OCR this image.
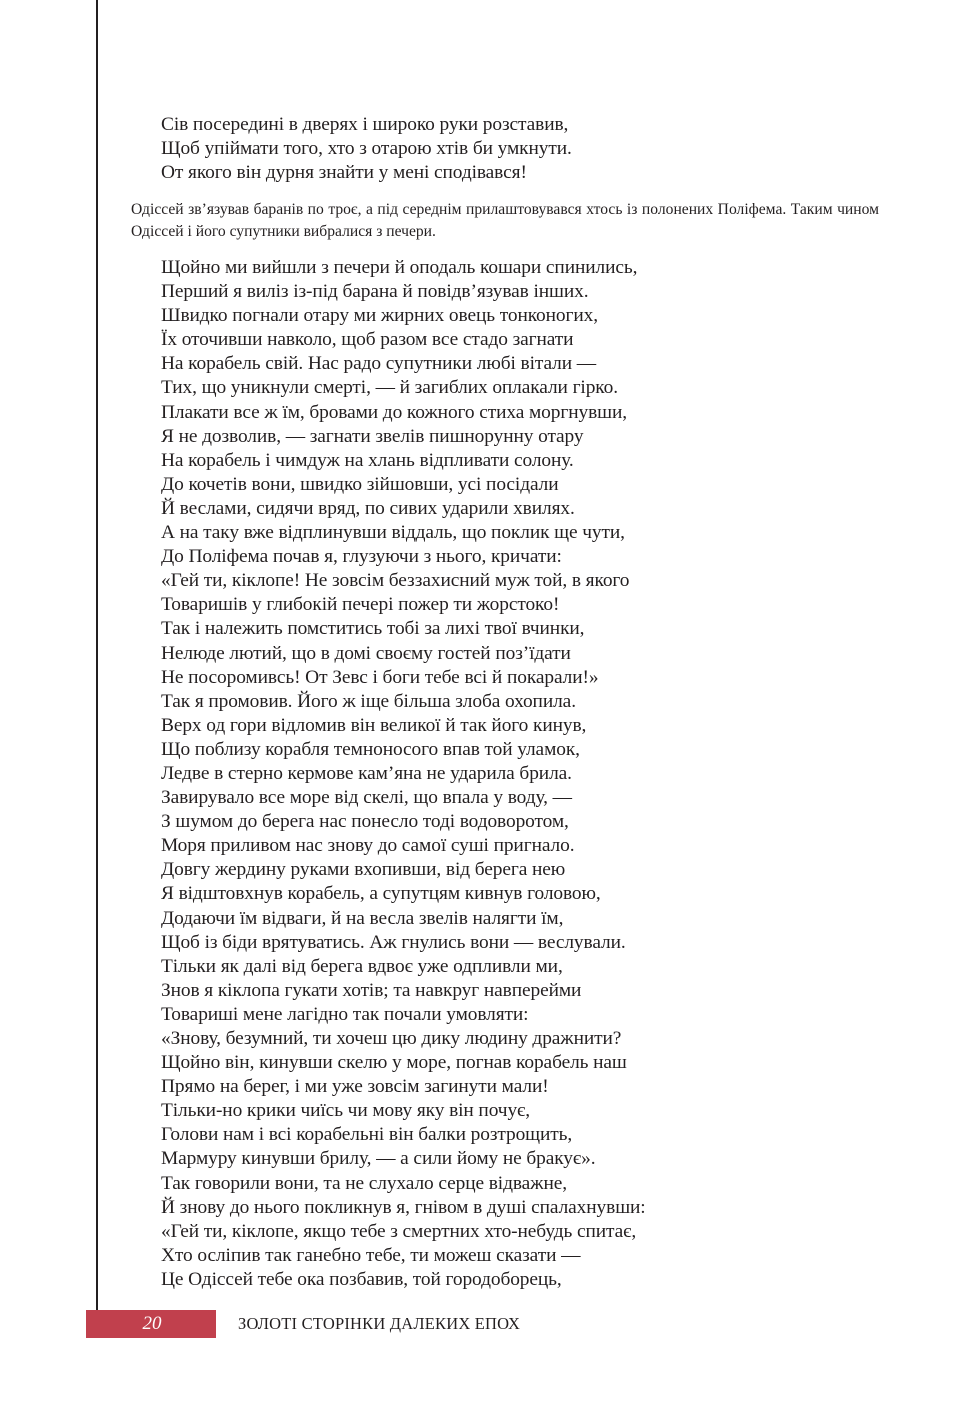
Сів посередині в дверях і широко руки розставив,
Щоб упіймати того, хто з отарою хтів би умкнути.
От якого він дурня знайти у мені сподівався!

Одіссей зв’язував баранів по троє, а під середнім прилаштовувався хтось із полонених Поліфема. Таким чином Одіссей і його супутники вибралися з печери.

Щойно ми вийшли з печери й оподаль кошари спинились,
Перший я виліз із-під барана й повідв’язував інших.
Швидко погнали отару ми жирних овець тонконогих,
Їх оточивши навколо, щоб разом все стадо загнати
На корабель свій. Нас радо супутники любі вітали —
Тих, що уникнули смерті, — й загиблих оплакали гірко.
Плакати все ж їм, бровами до кожного стиха моргнувши,
Я не дозволив, — загнати звелів пишнорунну отару
На корабель і чимдуж на хлань відпливати солону.
До кочетів вони, швидко зійшовши, усі посідали
Й веслами, сидячи вряд, по сивих ударили хвилях.
А на таку вже відплинувши віддаль, що поклик ще чути,
До Поліфема почав я, глузуючи з нього, кричати:
«Гей ти, кіклопе! Не зовсім беззахисний муж той, в якого
Товаришів у глибокій печері пожер ти жорстоко!
Так і належить помститись тобі за лихі твої вчинки,
Нелюде лютий, що в домі своєму гостей поз’їдати
Не посоромивсь! От Зевс і боги тебе всі й покарали!»
Так я промовив. Його ж іще більша злоба охопила.
Верх од гори відломив він великої й так його кинув,
Що поблизу корабля темноносого впав той уламок,
Ледве в стерно кермове кам’яна не ударила брила.
Завирувало все море від скелі, що впала у воду, —
З шумом до берега нас понесло тоді водоворотом,
Моря приливом нас знову до самої суші пригнало.
Довгу жердину руками вхопивши, від берега нею
Я відштовхнув корабель, а супутцям кивнув головою,
Додаючи їм відваги, й на весла звелів налягти їм,
Щоб із біди врятуватись. Аж гнулись вони — веслували.
Тільки як далі від берега вдвоє уже одпливли ми,
Знов я кіклопа гукати хотів; та навкруг навперейми
Товариші мене лагідно так почали умовляти:
«Знову, безумний, ти хочеш цю дику людину дражнити?
Щойно він, кинувши скелю у море, погнав корабель наш
Прямо на берег, і ми уже зовсім загинути мали!
Тільки-но крики чиїсь чи мову яку він почує,
Голови нам і всі корабельні він балки розтрощить,
Мармуру кинувши брилу, — а сили йому не бракує».
Так говорили вони, та не слухало серце відважне,
Й знову до нього покликнув я, гнівом в душі спалахнувши:
«Гей ти, кіклопе, якщо тебе з смертних хто-небудь спитає,
Хто осліпив так ганебно тебе, ти можеш сказати —
Це Одіссей тебе ока позбавив, той городоборець,
20	ЗОЛОТІ СТОРІНКИ ДАЛЕКИХ ЕПОХ
